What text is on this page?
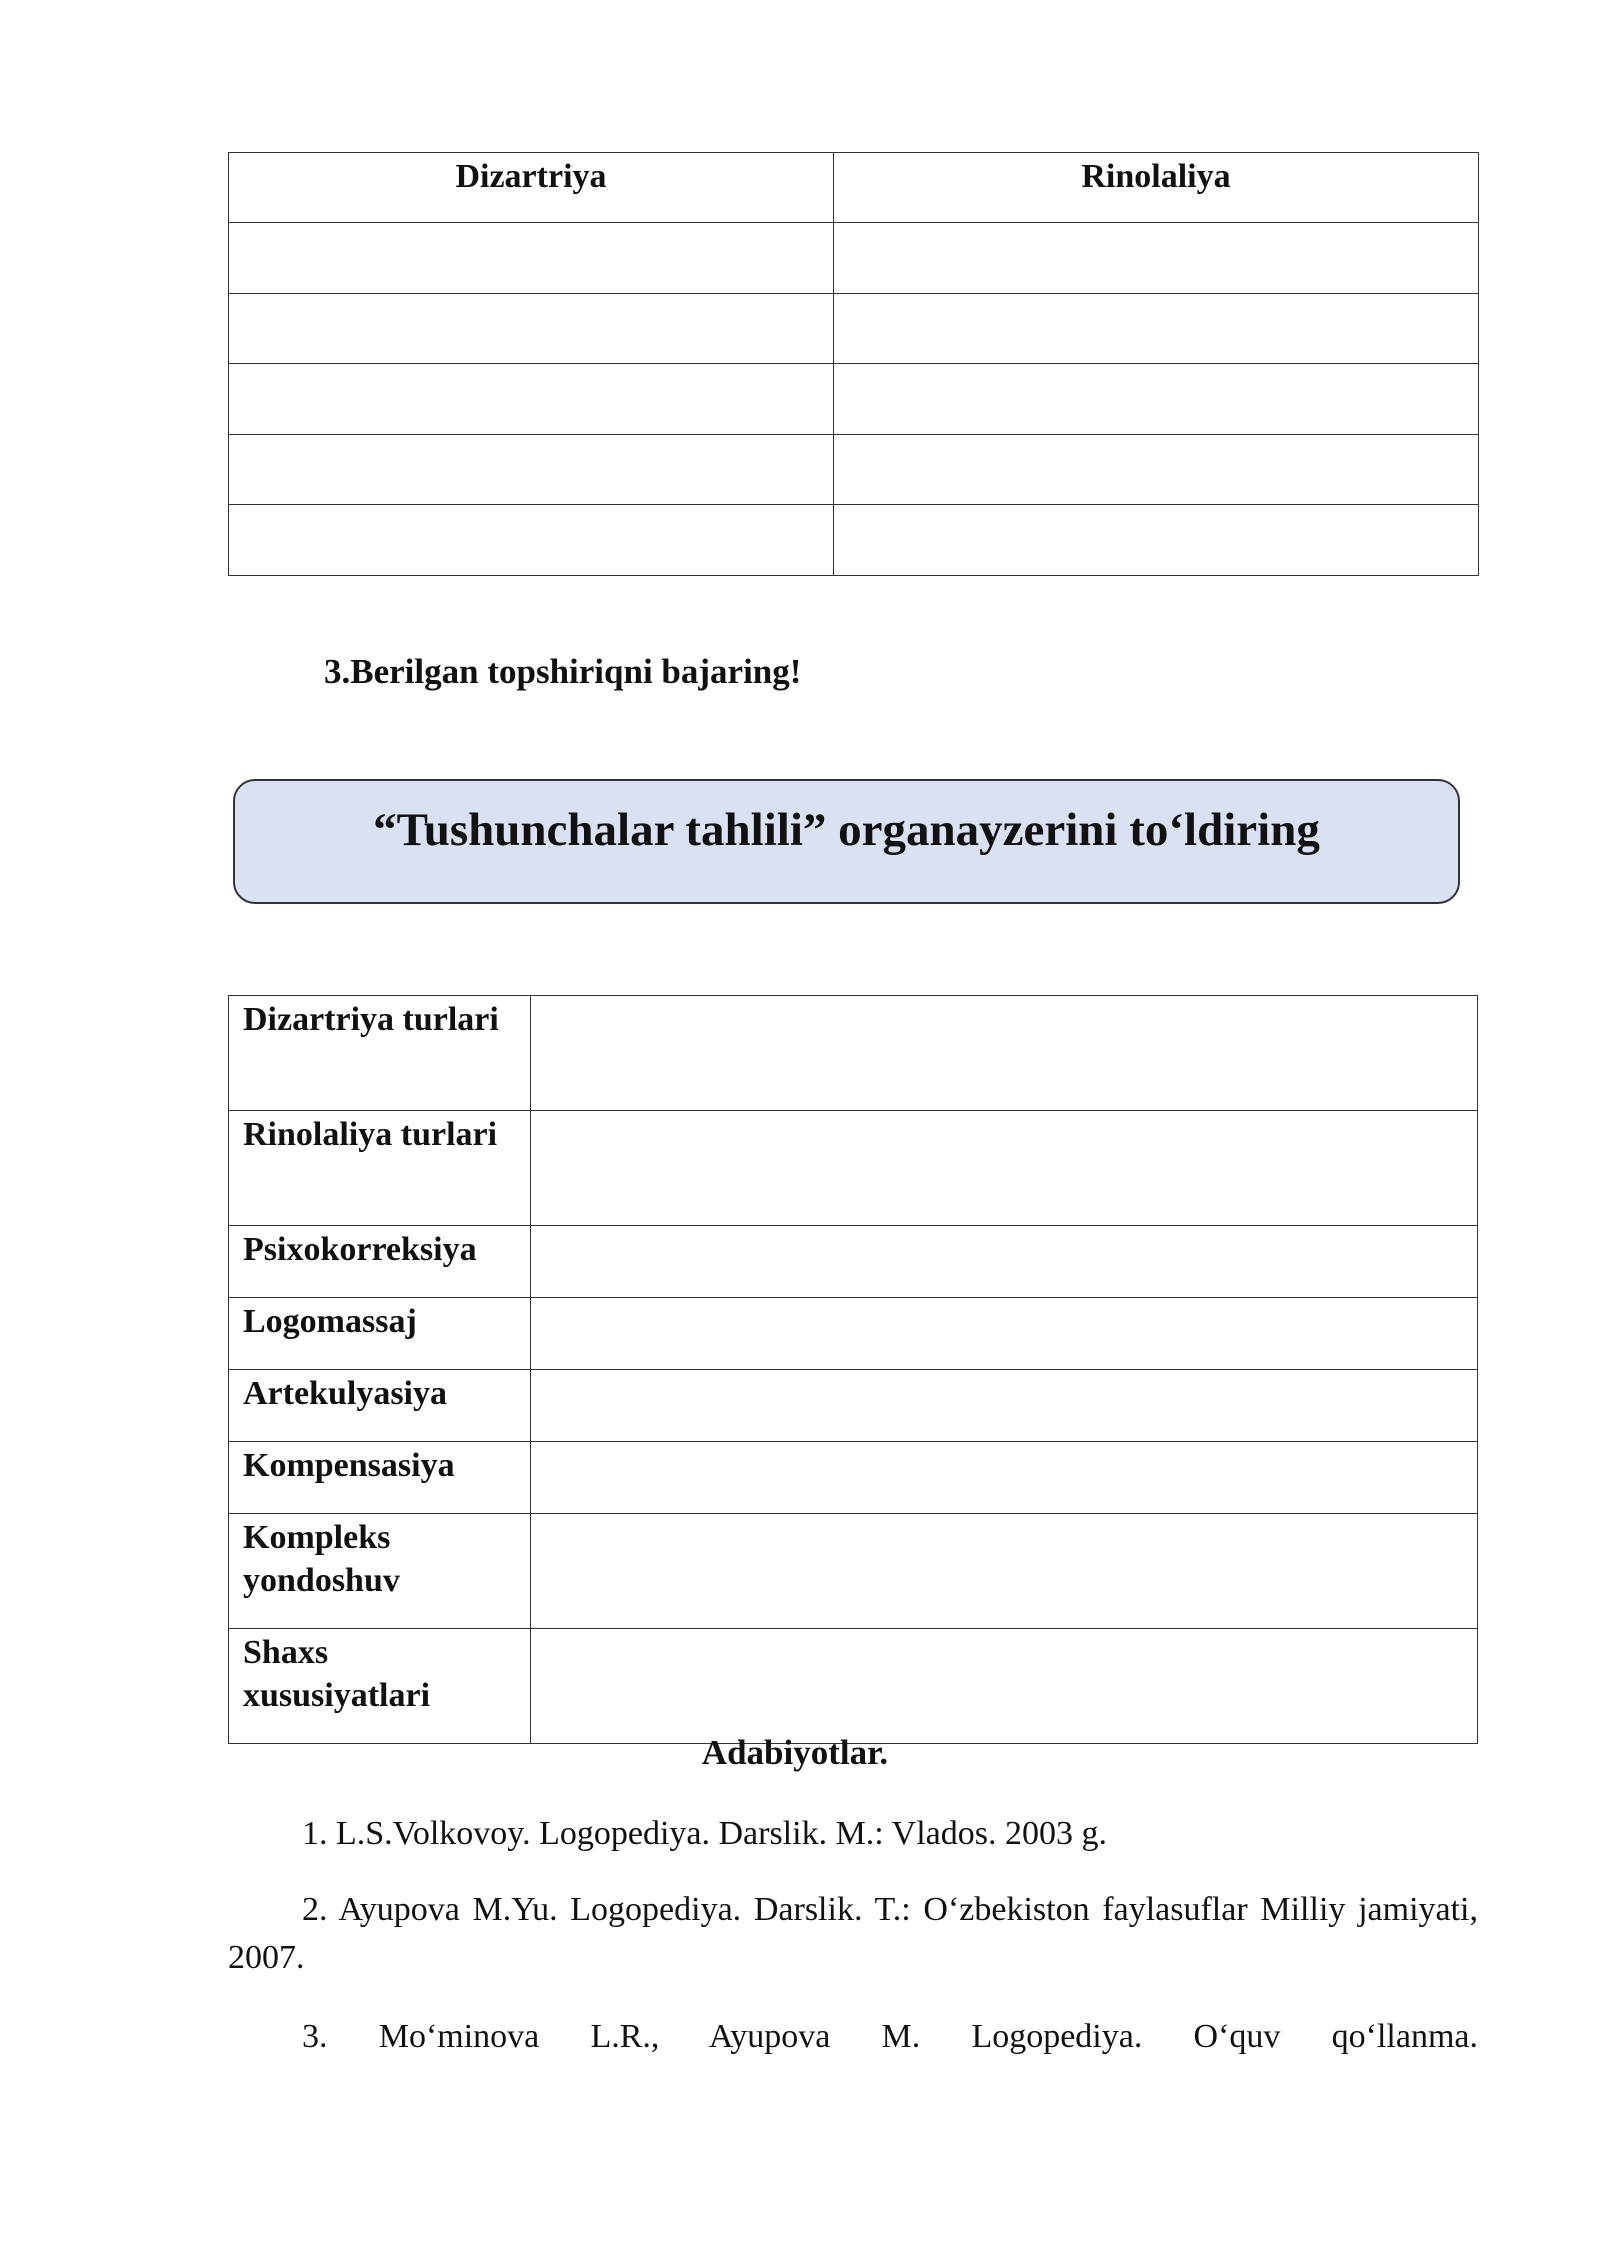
Dizartriya	Rinolaliya

3.Berilgan topshiriqni bajaring!
“Tushunchalar tahlili” organayzerini to‘ldiring
Dizartriya turlari	
Rinolaliya turlari	
Psixokorreksiya	
Logomassaj	
Artekulyasiya	
Kompensasiya	
Kompleks yondoshuv	
Shaxs xususiyatlari	
Adabiyotlar.
1. L.S.Volkovoy. Logopediya. Darslik. M.: Vlados. 2003 g.
2. Ayupova M.Yu. Logopediya. Darslik. T.: O‘zbekiston faylasuflar Milliy jamiyati, 2007.
3. Mo‘minova L.R., Ayupova M. Logopediya. O‘quv qo‘llanma.
